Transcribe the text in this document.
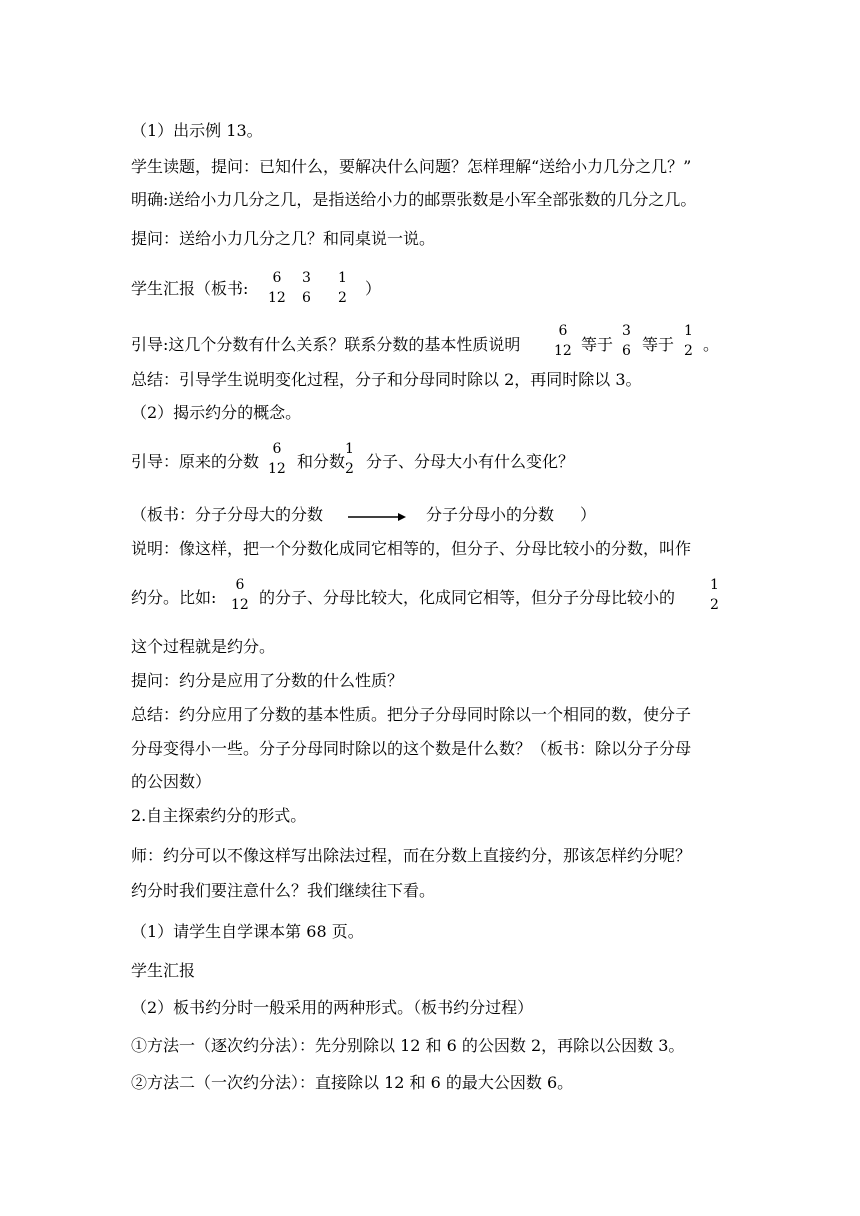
（1）出示例 13。
学生读题，提问：已知什么，要解决什么问题？怎样理解“送给小力几分之几？”
明确:送给小力几分之几，是指送给小力的邮票张数是小军全部张数的几分之几。
提问：送给小力几分之几？和同桌说一说。
学生汇报（板书:
6
12
3
6
1
2 ）
引导:这几个分数有什么关系？联系分数的基本性质说明
6
12 等于
3
6 等于
1
2 。
总结：引导学生说明变化过程，分子和分母同时除以 2，再同时除以 3。
（2）揭示约分的概念。
引导：原来的分数
6
12 和分数
1
2 分子、分母大小有什么变化？
（板书：分子分母大的分数	分子分母小的分数 ）
说明：像这样，把一个分数化成同它相等的，但分子、分母比较小的分数，叫作
约分。比如:
6
12 的分子、分母比较大，化成同它相等，但分子分母比较小的
1
2
这个过程就是约分。
提问：约分是应用了分数的什么性质？
总结：约分应用了分数的基本性质。把分子分母同时除以一个相同的数，使分子
分母变得小一些。分子分母同时除以的这个数是什么数？（板书：除以分子分母
的公因数）
2.自主探索约分的形式。
师：约分可以不像这样写出除法过程，而在分数上直接约分，那该怎样约分呢？
约分时我们要注意什么？我们继续往下看。
（1）请学生自学课本第 68 页。
学生汇报
（2）板书约分时一般采用的两种形式。（板书约分过程）
①方法一（逐次约分法）：先分别除以 12 和 6 的公因数 2，再除以公因数 3。
②方法二（一次约分法）：直接除以 12 和 6 的最大公因数 6。
